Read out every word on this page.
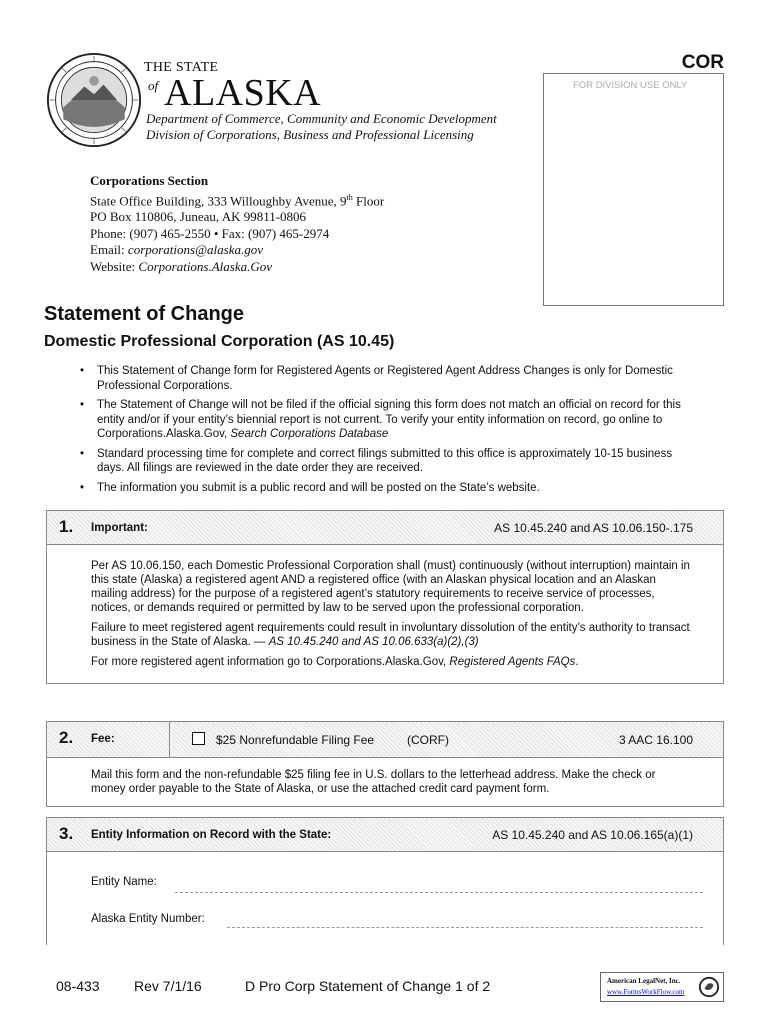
THE STATE
of ALASKA
Department of Commerce, Community and Economic Development
Division of Corporations, Business and Professional Licensing
COR
FOR DIVISION USE ONLY
Corporations Section
State Office Building, 333 Willoughby Avenue, 9th Floor
PO Box 110806, Juneau, AK 99811-0806
Phone: (907) 465-2550 • Fax: (907) 465-2974
Email: corporations@alaska.gov
Website: Corporations.Alaska.Gov
Statement of Change
Domestic Professional Corporation (AS 10.45)
• This Statement of Change form for Registered Agents or Registered Agent Address Changes is only for Domestic Professional Corporations.
• The Statement of Change will not be filed if the official signing this form does not match an official on record for this entity and/or if your entity’s biennial report is not current. To verify your entity information on record, go online to Corporations.Alaska.Gov, Search Corporations Database
• Standard processing time for complete and correct filings submitted to this office is approximately 10-15 business days. All filings are reviewed in the date order they are received.
• The information you submit is a public record and will be posted on the State’s website.
1. Important:	AS 10.45.240 and AS 10.06.150-.175

Per AS 10.06.150, each Domestic Professional Corporation shall (must) continuously (without interruption) maintain in this state (Alaska) a registered agent AND a registered office (with an Alaskan physical location and an Alaskan mailing address) for the purpose of a registered agent’s statutory requirements to receive service of processes, notices, or demands required or permitted by law to be served upon the professional corporation.

Failure to meet registered agent requirements could result in involuntary dissolution of the entity’s authority to transact business in the State of Alaska. — AS 10.45.240 and AS 10.06.633(a)(2),(3)

For more registered agent information go to Corporations.Alaska.Gov, Registered Agents FAQs.

2. Fee:	$25 Nonrefundable Filing Fee	(CORF)	3 AAC 16.100

Mail this form and the non-refundable $25 filing fee in U.S. dollars to the letterhead address. Make the check or money order payable to the State of Alaska, or use the attached credit card payment form.

3. Entity Information on Record with the State:	AS 10.45.240 and AS 10.06.165(a)(1)
Entity Name:
Alaska Entity Number:
08-433 Rev 7/1/16	D Pro Corp Statement of Change 1 of 2	American LegalNet, Inc.
www.FormsWorkFlow.com
